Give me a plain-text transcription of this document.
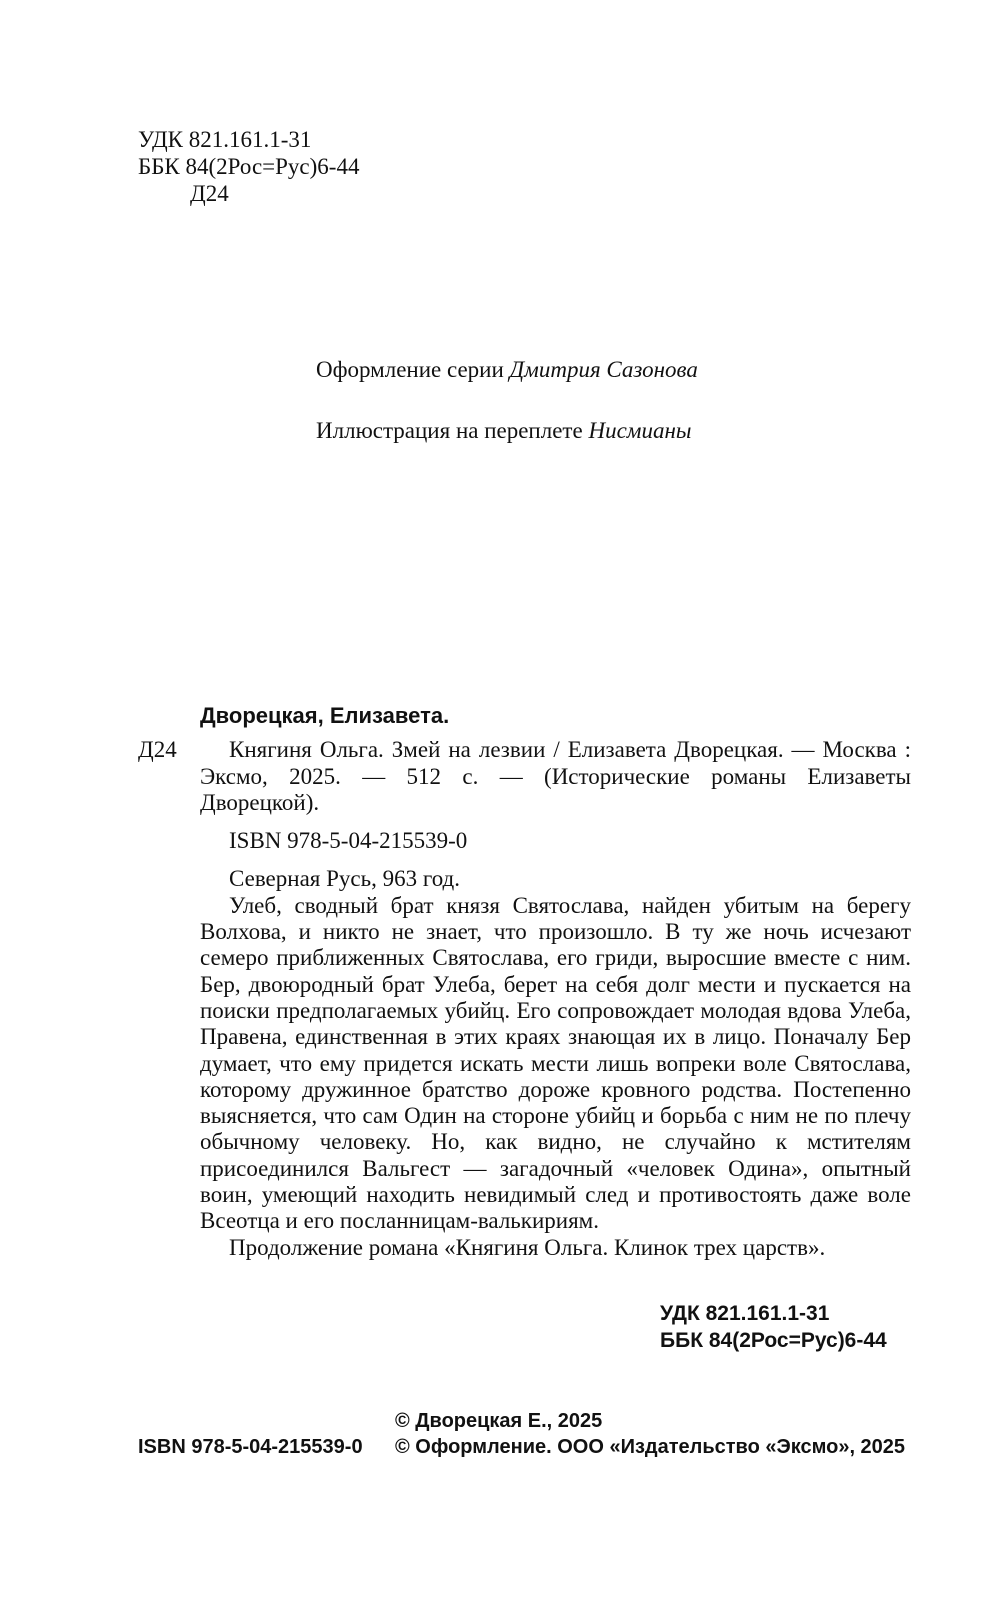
УДК 821.161.1-31
ББК 84(2Рос=Рус)6-44
Д24
Оформление серии Дмитрия Сазонова
Иллюстрация на переплете Нисмианы
Дворецкая, Елизавета.
Д24	Княгиня Ольга. Змей на лезвии / Елизавета Дворецкая. — Москва : Эксмо, 2025. — 512 с. — (Исторические романы Елизаветы Дворецкой).
ISBN 978-5-04-215539-0

Северная Русь, 963 год.

Улеб, сводный брат князя Святослава, найден убитым на берегу Волхова, и никто не знает, что произошло. В ту же ночь исчезают семеро приближенных Святослава, его гриди, выросшие вместе с ним. Бер, двоюродный брат Улеба, берет на себя долг мести и пускается на поиски предполагаемых убийц. Его сопровождает молодая вдова Улеба, Правена, единственная в этих краях знающая их в лицо. Поначалу Бер думает, что ему придется искать мести лишь вопреки воле Святослава, которому дружинное братство дороже кровного родства. Постепенно выясняется, что сам Один на стороне убийц и борьба с ним не по плечу обычному человеку. Но, как видно, не случайно к мстителям присоединился Вальгест — загадочный «человек Одина», опытный воин, умеющий находить невидимый след и противостоять даже воле Всеотца и его посланницам-валькириям.

Продолжение романа «Княгиня Ольга. Клинок трех царств».

УДК 821.161.1-31
ББК 84(2Рос=Рус)6-44
ISBN 978-5-04-215539-0
© Дворецкая Е., 2025
© Оформление. ООО «Издательство «Эксмо», 2025
